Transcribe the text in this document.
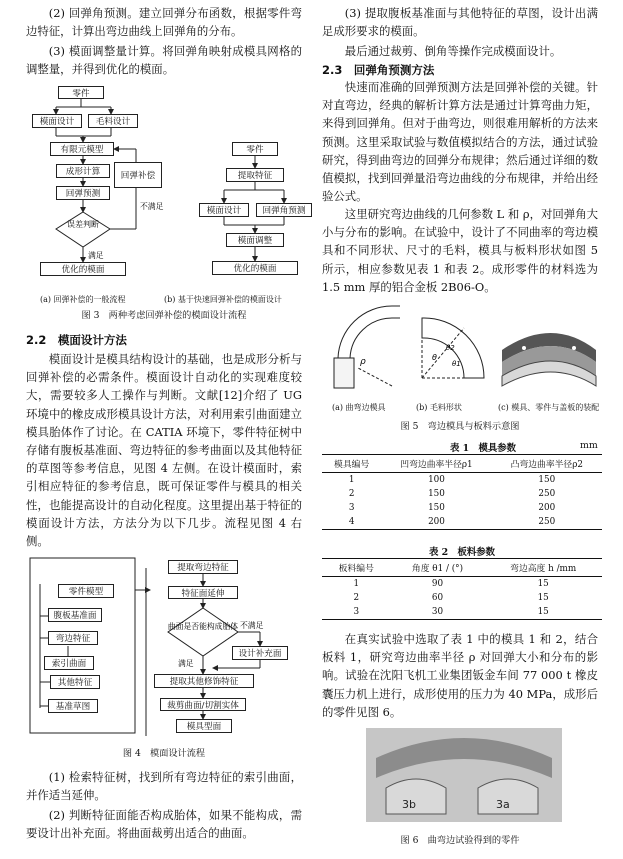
(2) 回弹角预测。建立回弹分布函数，根据零件弯边特征，计算出弯边曲线上回弹角的分布。

(3) 模面调整量计算。将回弹角映射成模具网格的调整量，并得到优化的模面。

误差判断
不满足
满足
零件
模面设计	毛料设计
有限元模型
成形计算
回弹预测
优化的模面
回弹补偿
零件
提取特征
模面设计	回弹角预测
模面调整
优化的模面
(a) 回弹补偿的一般流程	(b) 基于快速回弹补偿的模面设计
图 3　两种考虑回弹补偿的模面设计流程
2.2　模面设计方法

模面设计是模具结构设计的基础，也是成形分析与回弹补偿的必需条件。模面设计自动化的实现难度较大，需要较多人工操作与判断。文献[12]介绍了 UG 环境中的橡皮成形模具设计方法，对利用索引曲面建立模具胎体作了讨论。在 CATIA 环境下，零件特征树中存储有腹板基准面、弯边特征的参考曲面以及其他特征的草图等参考信息，见图 4 左侧。在设计模面时，索引相应特征的参考信息，既可保证零件与模具的相关性，也能提高设计的自动化程度。这里提出基于特征的模面设计方法，方法分为以下几步。流程见图 4 右侧。

曲面是否能构成胎体 不满足
满足
零件模型
腹板基准面
弯边特征
索引曲面
其他特征
基准草图
提取弯边特征
特征面延伸
设计补充面
提取其他修饰特征
裁剪曲面/切割实体
模具型面
图 4　模面设计流程

(1) 检索特征树，找到所有弯边特征的索引曲面，并作适当延伸。

(2) 判断特征面能否构成胎体，如果不能构成，需要设计出补充面。将曲面裁剪出适合的曲面。

(3) 提取腹板基准面与其他特征的草图，设计出满足成形要求的模面。

最后通过裁剪、倒角等操作完成模面设计。

2.3　回弹角预测方法

快速而准确的回弹预测方法是回弹补偿的关键。针对直弯边，经典的解析计算方法是通过计算弯曲力矩，来得到回弹角。但对于曲弯边，则很难用解析的方法来预测。这里采取试验与数值模拟结合的方法，通过试验研究，得到曲弯边的回弹分布规律；然后通过详细的数值模拟，找到回弹量沿弯边曲线的分布规律，并给出经验公式。

这里研究弯边曲线的几何参数 L 和 ρ，对回弹角大小与分布的影响。在试验中，设计了不同曲率的弯边模具和不同形状、尺寸的毛料，模具与板料形状如图 5 所示，相应参数见表 1 和表 2。成形零件的材料选为 1.5 mm 厚的铝合金板 2B06-O。

ρ	θ
θ2
θ1
(a) 曲弯边模具	(b) 毛料形状	(c) 模具、零件与盖板的装配
图 5　弯边模具与板料示意图
表 1　模具参数	mm
模具编号	凹弯边曲率半径ρ1	凸弯边曲率半径ρ2
1	100	150
2	150	250
3	150	200
4	200	250
表 2　板料参数
板料编号	角度 θ1 / (°)	弯边高度 h /mm
1	90	15
2	60	15
3	30	15

在真实试验中选取了表 1 中的模具 1 和 2，结合板料 1，研究弯边曲率半径 ρ 对回弹大小和分布的影响。试验在沈阳飞机工业集团钣金车间 77 000 t 橡皮囊压力机上进行，成形使用的压力为 40 MPa，成形后的零件见图 6。

3b	3a
图 6　曲弯边试验得到的零件
